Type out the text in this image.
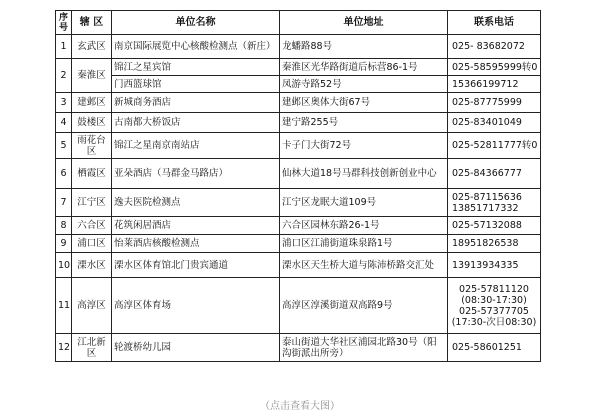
序号	辖 区	单位名称	单位地址	联系电话
1	玄武区	南京国际展览中心核酸检测点（新庄）	龙蟠路88号	025- 83682072
2	秦淮区	锦江之星宾馆	秦淮区光华路街道后标营86-1号	025-58595999转0
		门西篮球馆	凤游寺路52号	15366199712
3	建邺区	新城商务酒店	建邺区奥体大街67号	025-87775999
4	鼓楼区	古南都大桥饭店	建宁路255号	025-83401049
5	雨花台区	锦江之星南京南站店	卡子门大街72号	025-52811777转0
6	栖霞区	亚朵酒店（马群金马路店）	仙林大道18号马群科技创新创业中心	025-84366777
7	江宁区	逸夫医院检测点	江宁区龙眠大道109号	025-87115636 13851717332
8	六合区	花筑闲居酒店	六合区园林东路26-1号	025-57132088
9	浦口区	怡莱酒店核酸检测点	浦口区江浦街道珠泉路1号	18951826538
10	溧水区	溧水区体育馆北门贵宾通道	溧水区天生桥大道与陈沛桥路交汇处	13913934335
11	高淳区	高淳区体育场	高淳区淳溪街道双高路9号	025-57811120 (08:30-17:30) 025-57377705 (17:30-次日08:30)
12	江北新区	轮渡桥幼儿园	泰山街道大华社区浦园北路30号（阳沟街派出所旁）	025-58601251
（点击查看大图）
